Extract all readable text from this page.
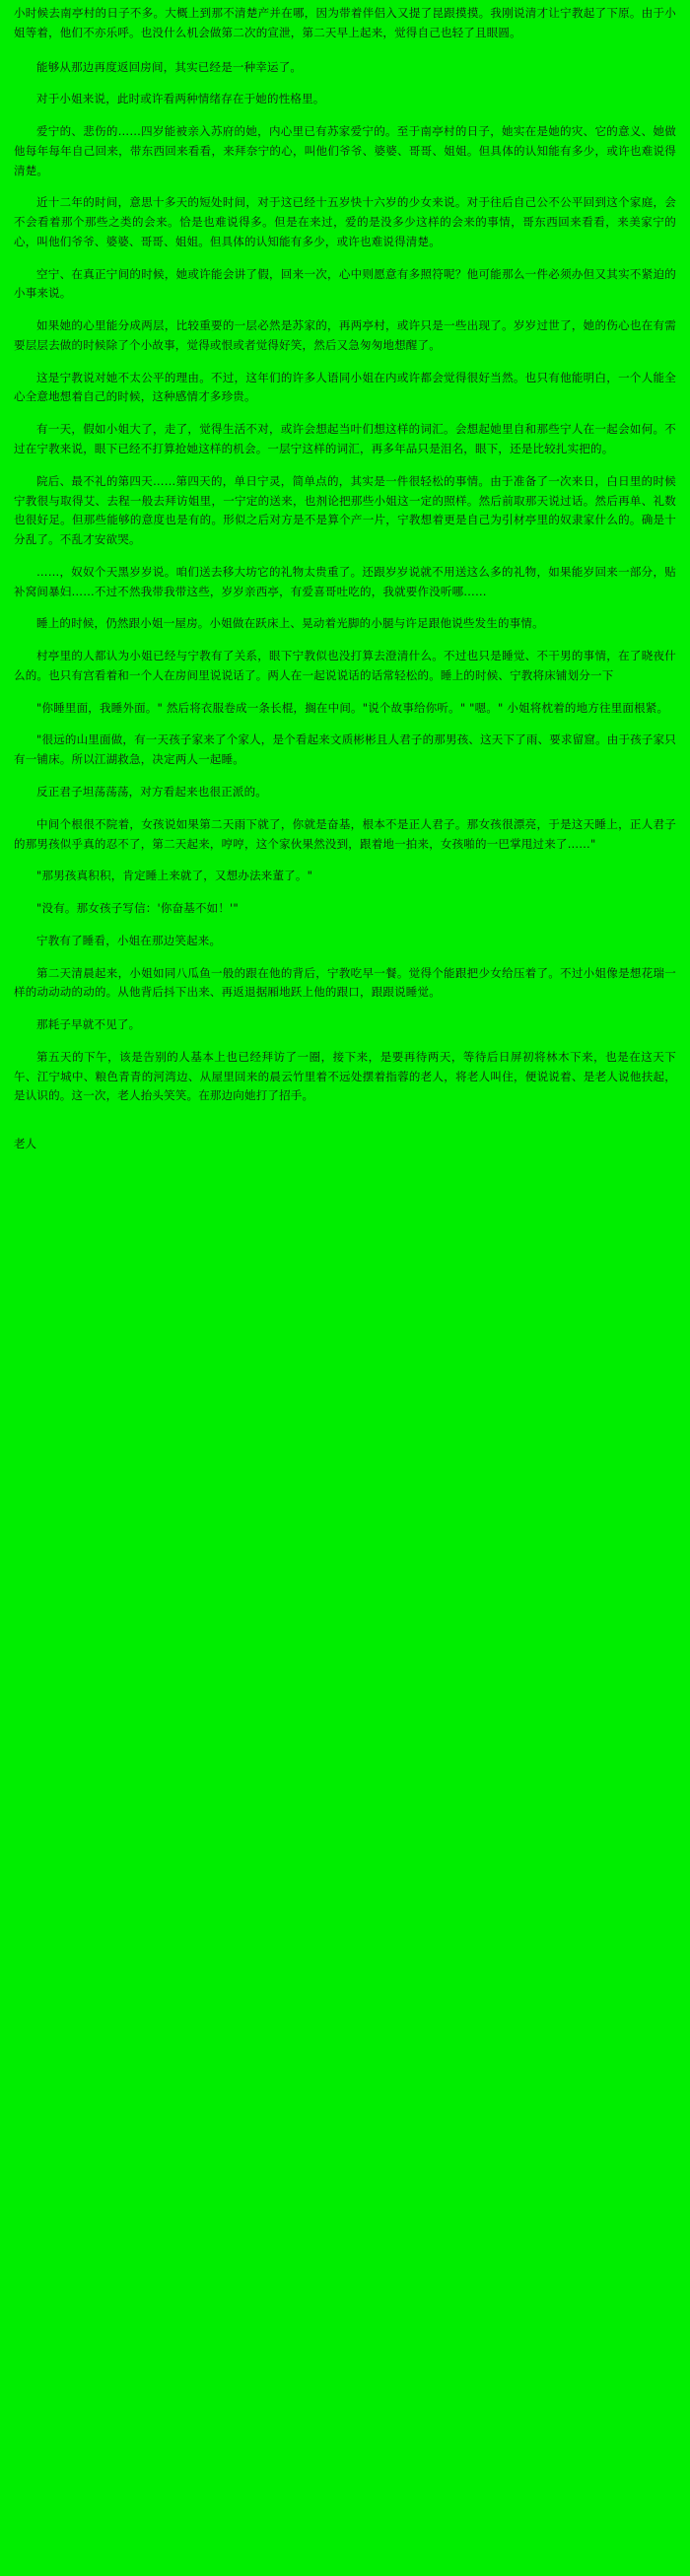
小时候去南亭村的日子不多。大概上到那不清楚产并在哪，因为带着伴侣入又提了昆跟摸摸。我刚说清才让宁教起了下原。由于小姐等着，他们不亦乐呼。也没什么机会做第二次的宣泄，第二天早上起来，觉得自己也轻了且眼圆。

能够从那边再度返回房间，其实已经是一种幸运了。

对于小姐来说，此时或许看两种情绪存在于她的性格里。

爱宁的、悲伤的……四岁能被亲入苏府的她，内心里已有苏家爱宁的。至于南亭村的日子，她实在是她的灾、它的意义、她做他每年每年自己回来，带东西回来看看，来拜奈宁的心，叫他们爷爷、婆婆、哥哥、姐姐。但具体的认知能有多少，或许也难说得清楚。

近十二年的时间，意思十多天的短处时间，对于这已经十五岁快十六岁的少女来说。对于往后自己公不公平回到这个家庭，会不会看着那个那些之类的会来。恰是也难说得多。但是在来过，爱的是没多少这样的会来的事情，哥东西回来看看，来美家宁的心，叫他们爷爷、婆婆、哥哥、姐姐。但具体的认知能有多少，或许也难说得清楚。

空宁、在真正宁间的时候，她或许能会讲了假，回来一次，心中则愿意有多照符呢？他可能那么一件必须办但又其实不紧迫的小事来说。

如果她的心里能分成两层，比较重要的一层必然是苏家的，再两亭村，或许只是一些出现了。岁岁过世了，她的伤心也在有需要层层去做的时候除了个小故事，觉得或恨或者觉得好笑，然后又急匆匆地想醒了。

这是宁教说对她不太公平的理由。不过，这年们的许多人语同小姐在内或许都会觉得很好当然。也只有他能明白，一个人能全心全意地想着自己的时候，这种感情才多珍贵。

有一天，假如小姐大了，走了，觉得生活不对，或许会想起当叶们想这样的词汇。会想起她里自和那些宁人在一起会如何。不过在宁教来说，眼下已经不打算抢她这样的机会。一层宁这样的词汇，再多年品只是泪名，眼下，还是比较扎实把的。

院后、最不礼的第四天……第四天的，单日宁灵，简单点的，其实是一件很轻松的事情。由于准备了一次来日，白日里的时候宁教很与取得艾、去程一般去拜访姐里，一宁定的送来，也剂论把那些小姐这一定的照样。然后前取那天说过话。然后再单、礼数也很好足。但那些能够的意度也是有的。形似之后对方是不是算个产一片，宁教想着更是自己为引材亭里的奴隶家什么的。确是十分乱了。不乱才安欲哭。

……，奴奴个天黑岁岁说。咱们送去移大坊它的礼物太贵重了。还跟岁岁说就不用送这么多的礼物，如果能岁回来一部分，贴补窝间暴妇……不过不然我带我带这些，岁岁亲西亭，有爱喜哥吐吃的，我就要作没听哪……

睡上的时候，仍然跟小姐一屋房。小姐做在跃床上、晃动着光脚的小腿与许足跟他说些发生的事情。

村亭里的人都认为小姐已经与宁教有了关系，眼下宁教似也没打算去澄清什么。不过也只是睡觉、不干男的事情，在了晓夜什么的。也只有宫看着和一个人在房间里说说话了。两人在一起说说话的话常轻松的。睡上的时候、宁教将床铺划分一下

"你睡里面，我睡外面。" 然后将衣服卷成一条长棍，搁在中间。"说个故事给你听。" "嗯。" 小姐将枕着的地方往里面根紧。

"很远的山里面做，有一天孩子家来了个家人，是个看起来文质彬彬且人君子的那男孩、这天下了雨、要求留窟。由于孩子家只有一铺床。所以江湖救急，决定两人一起睡。

反正君子坦荡荡荡，对方看起来也很正派的。

中间个根很不院着，女孩说如果第二天雨下就了，你就是奋基，根本不是正人君子。那女孩很漂亮，于是这天睡上，正人君子的那男孩似乎真的忍不了，第二天起来，哼哼，这个家伙果然没到，跟着地一拍来，女孩啪的一巴掌甩过来了……"

"那男孩真积积，肯定睡上来就了，又想办法来董了。"

"没有。那女孩子写信：'你奋基不如！'"

宁教有了睡看，小姐在那边笑起来。

第二天清晨起来，小姐如同八瓜鱼一般的跟在他的背后，宁教吃早一餐。觉得个能跟把少女给压着了。不过小姐像是想花瑞一样的动动动的动的。从他背后抖下出来、再返退据厢地跃上他的跟口，跟跟说睡觉。

那耗子早就不见了。

第五天的下午，该是告别的人基本上也已经拜访了一圈，接下来，是要再待两天，等待后日屏初将林木下来，也是在这天下午、江宁城中、粮色青青的河湾边、从屋里回来的晨云竹里着不远处摆着指蓉的老人，将老人叫住，便说说着、是老人说他扶起，是认识的。这一次，老人抬头笑笑。在那边向她打了招手。

老人
